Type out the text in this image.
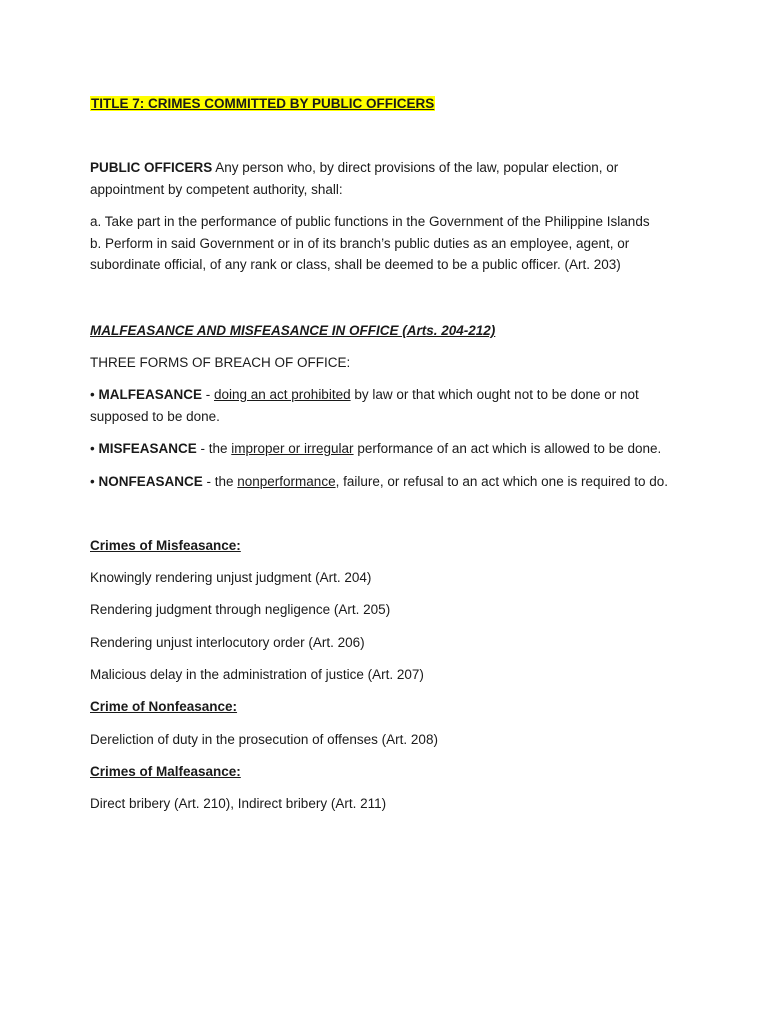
TITLE 7: CRIMES COMMITTED BY PUBLIC OFFICERS
PUBLIC OFFICERS Any person who, by direct provisions of the law, popular election, or
appointment by competent authority, shall:
a. Take part in the performance of public functions in the Government of the Philippine Islands
b. Perform in said Government or in of its branch’s public duties as an employee, agent, or
subordinate official, of any rank or class, shall be deemed to be a public officer. (Art. 203)
MALFEASANCE AND MISFEASANCE IN OFFICE (Arts. 204-212)
THREE FORMS OF BREACH OF OFFICE:
• MALFEASANCE - doing an act prohibited by law or that which ought not to be done or not
supposed to be done.
• MISFEASANCE - the improper or irregular performance of an act which is allowed to be done.
• NONFEASANCE - the nonperformance, failure, or refusal to an act which one is required to do.
Crimes of Misfeasance:
Knowingly rendering unjust judgment (Art. 204)
Rendering judgment through negligence (Art. 205)
Rendering unjust interlocutory order (Art. 206)
Malicious delay in the administration of justice (Art. 207)
Crime of Nonfeasance:
Dereliction of duty in the prosecution of offenses (Art. 208)
Crimes of Malfeasance:
Direct bribery (Art. 210), Indirect bribery (Art. 211)
